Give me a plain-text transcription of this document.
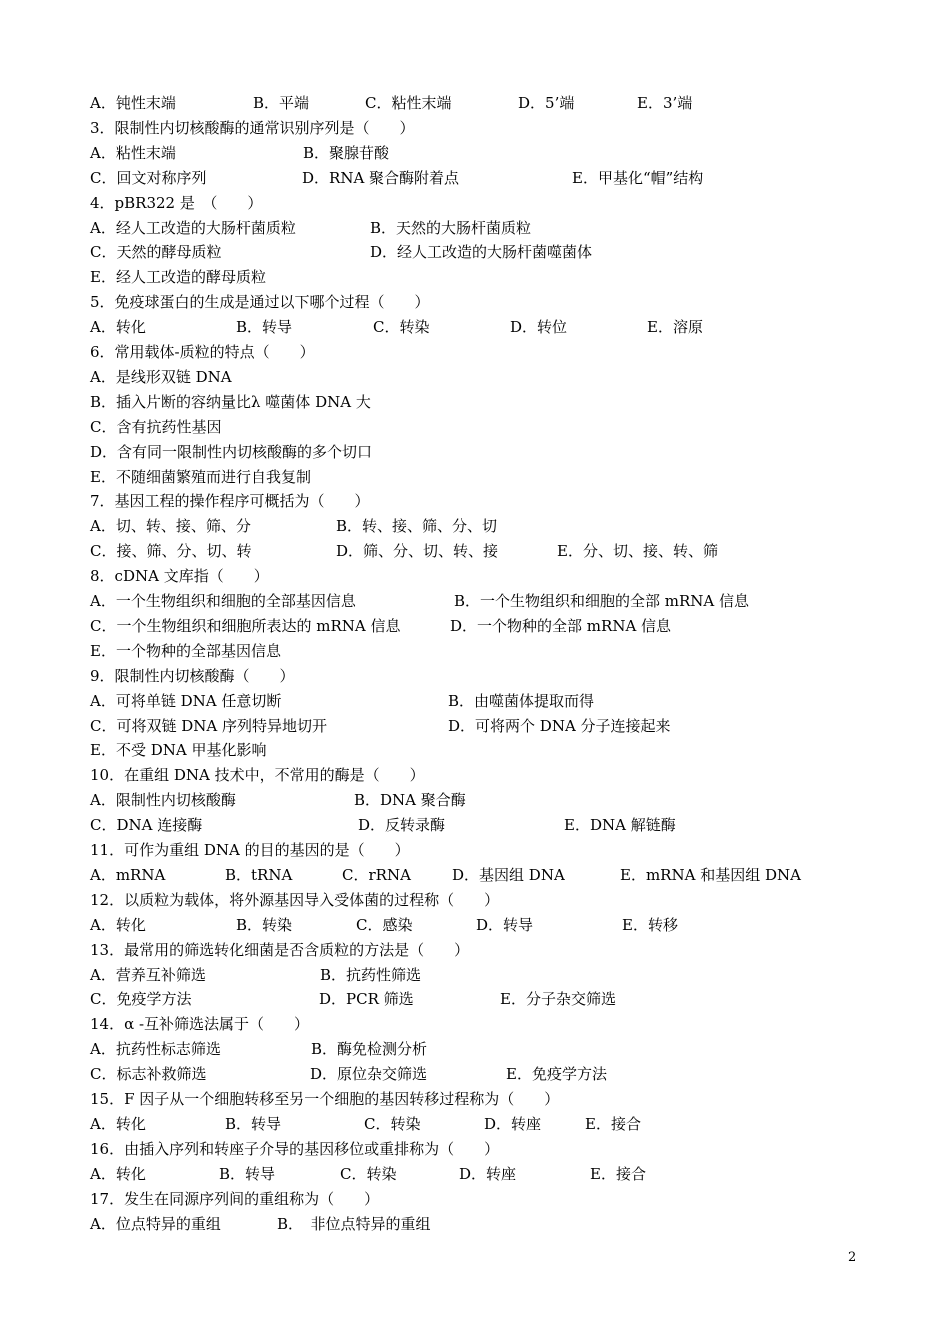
2
A．钝性末端	B．平端	C．粘性末端	D．5’端	E．3’端
3．限制性内切核酸酶的通常识别序列是（　　）
A．粘性末端	B．聚腺苷酸
C．回文对称序列	D．RNA 聚合酶附着点	E．甲基化“帽”结构
4．pBR322 是　（　　）
A．经人工改造的大肠杆菌质粒	B．天然的大肠杆菌质粒
C．天然的酵母质粒	D．经人工改造的大肠杆菌噬菌体
E．经人工改造的酵母质粒
5．免疫球蛋白的生成是通过以下哪个过程（　　）
A．转化	B．转导	C．转染	D．转位	E．溶原
6．常用载体-质粒的特点（　　）
A．是线形双链 DNA
B．插入片断的容纳量比λ 噬菌体 DNA 大
C．含有抗药性基因
D．含有同一限制性内切核酸酶的多个切口
E．不随细菌繁殖而进行自我复制
7．基因工程的操作程序可概括为（　　）
A．切、转、接、筛、分	B．转、接、筛、分、切
C．接、筛、分、切、转	D．筛、分、切、转、接	E．分、切、接、转、筛
8．cDNA 文库指（　　）
A．一个生物组织和细胞的全部基因信息	B．一个生物组织和细胞的全部 mRNA 信息
C．一个生物组织和细胞所表达的 mRNA 信息	D．一个物种的全部 mRNA 信息
E．一个物种的全部基因信息
9．限制性内切核酸酶（　　）
A．可将单链 DNA 任意切断	B．由噬菌体提取而得
C．可将双链 DNA 序列特异地切开	D．可将两个 DNA 分子连接起来
E．不受 DNA 甲基化影响
10．在重组 DNA 技术中，不常用的酶是（　　）
A．限制性内切核酸酶	B．DNA 聚合酶
C．DNA 连接酶	D．反转录酶	E．DNA 解链酶
11．可作为重组 DNA 的目的基因的是（　　）
A．mRNA	B．tRNA	C．rRNA	D．基因组 DNA	E．mRNA 和基因组 DNA
12．以质粒为载体，将外源基因导入受体菌的过程称（　　）
A．转化	B．转染	C．感染	D．转导	E．转移
13．最常用的筛选转化细菌是否含质粒的方法是（　　）
A．营养互补筛选	B．抗药性筛选
C．免疫学方法	D．PCR 筛选	E．分子杂交筛选
14．α -互补筛选法属于（　　）
A．抗药性标志筛选	B．酶免检测分析
C．标志补救筛选	D．原位杂交筛选	E．免疫学方法
15．F 因子从一个细胞转移至另一个细胞的基因转移过程称为（　　）
A．转化	B．转导	C．转染	D．转座	E．接合
16．由插入序列和转座子介导的基因移位或重排称为（　　）
A．转化	B．转导	C．转染	D．转座	E．接合
17．发生在同源序列间的重组称为（　　）
A．位点特异的重组	B．　非位点特异的重组
